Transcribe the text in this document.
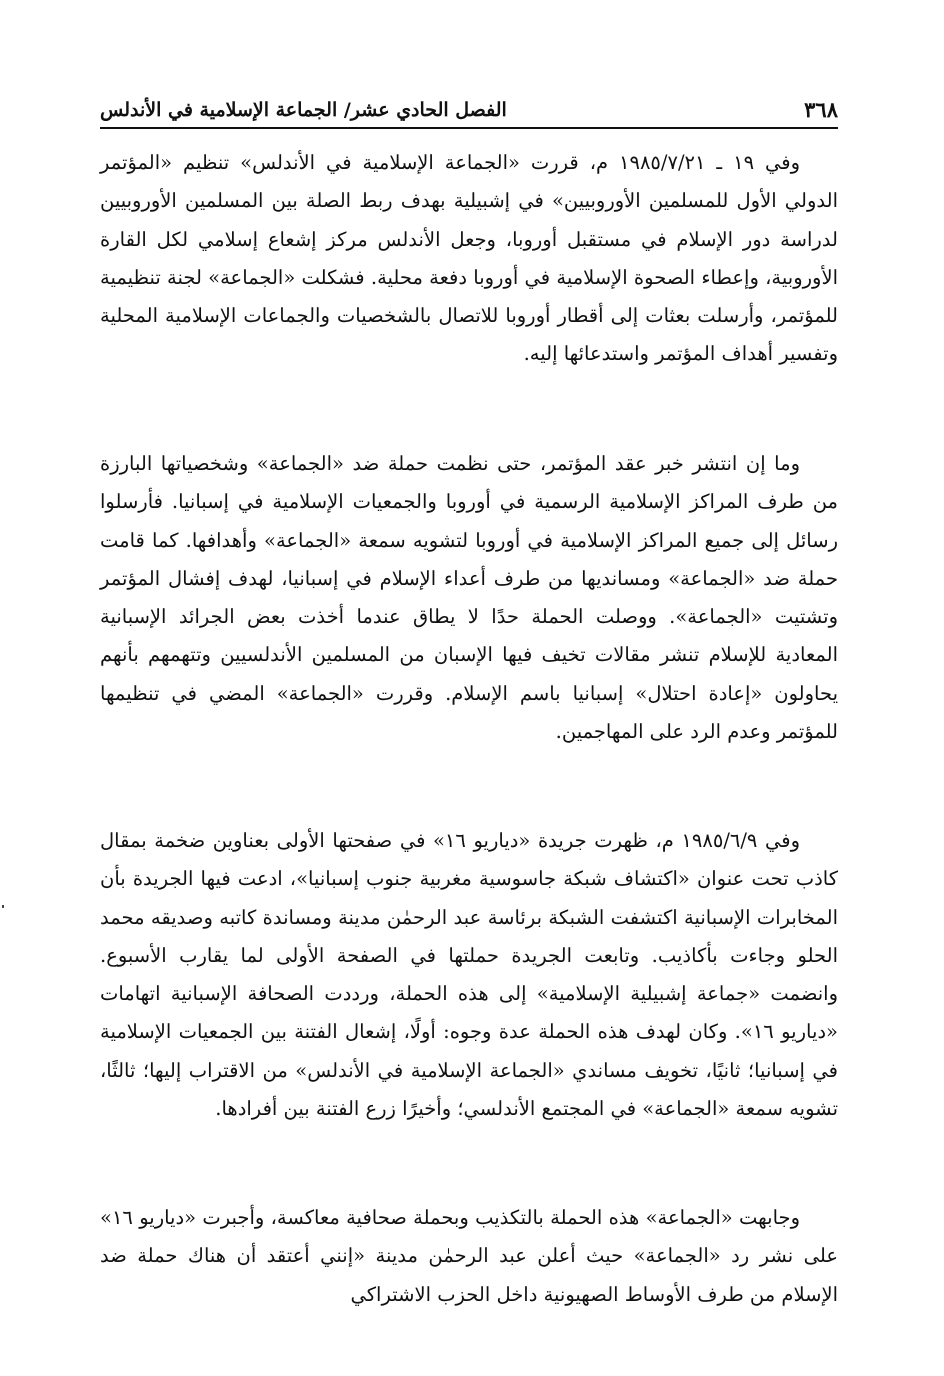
٣٦٨
الفصل الحادي عشر/ الجماعة الإسلامية في الأندلس

وفي ١٩ ـ ١٩٨٥/٧/٢١ م، قررت «الجماعة الإسلامية في الأندلس» تنظيم «المؤتمر الدولي الأول للمسلمين الأوروبيين» في إشبيلية بهدف ربط الصلة بين المسلمين الأوروبيين لدراسة دور الإسلام في مستقبل أوروبا، وجعل الأندلس مركز إشعاع إسلامي لكل القارة الأوروبية، وإعطاء الصحوة الإسلامية في أوروبا دفعة محلية. فشكلت «الجماعة» لجنة تنظيمية للمؤتمر، وأرسلت بعثات إلى أقطار أوروبا للاتصال بالشخصيات والجماعات الإسلامية المحلية وتفسير أهداف المؤتمر واستدعائها إليه.

وما إن انتشر خبر عقد المؤتمر، حتى نظمت حملة ضد «الجماعة» وشخصياتها البارزة من طرف المراكز الإسلامية الرسمية في أوروبا والجمعيات الإسلامية في إسبانيا. فأرسلوا رسائل إلى جميع المراكز الإسلامية في أوروبا لتشويه سمعة «الجماعة» وأهدافها. كما قامت حملة ضد «الجماعة» ومسانديها من طرف أعداء الإسلام في إسبانيا، لهدف إفشال المؤتمر وتشتيت «الجماعة». ووصلت الحملة حدًا لا يطاق عندما أخذت بعض الجرائد الإسبانية المعادية للإسلام تنشر مقالات تخيف فيها الإسبان من المسلمين الأندلسيين وتتهمهم بأنهم يحاولون «إعادة احتلال» إسبانيا باسم الإسلام. وقررت «الجماعة» المضي في تنظيمها للمؤتمر وعدم الرد على المهاجمين.

وفي ١٩٨٥/٦/٩ م، ظهرت جريدة «دياريو ١٦» في صفحتها الأولى بعناوين ضخمة بمقال كاذب تحت عنوان «اكتشاف شبكة جاسوسية مغربية جنوب إسبانيا»، ادعت فيها الجريدة بأن المخابرات الإسبانية اكتشفت الشبكة برئاسة عبد الرحمٰن مدينة ومساندة كاتبه وصديقه محمد الحلو وجاءت بأكاذيب. وتابعت الجريدة حملتها في الصفحة الأولى لما يقارب الأسبوع. وانضمت «جماعة إشبيلية الإسلامية» إلى هذه الحملة، ورددت الصحافة الإسبانية اتهامات «دياريو ١٦». وكان لهدف هذه الحملة عدة وجوه: أولًا، إشعال الفتنة بين الجمعيات الإسلامية في إسبانيا؛ ثانيًا، تخويف مساندي «الجماعة الإسلامية في الأندلس» من الاقتراب إليها؛ ثالثًا، تشويه سمعة «الجماعة» في المجتمع الأندلسي؛ وأخيرًا زرع الفتنة بين أفرادها.

وجابهت «الجماعة» هذه الحملة بالتكذيب وبحملة صحافية معاكسة، وأجبرت «دياريو ١٦» على نشر رد «الجماعة» حيث أعلن عبد الرحمٰن مدينة «إنني أعتقد أن هناك حملة ضد الإسلام من طرف الأوساط الصهيونية داخل الحزب الاشتراكي
